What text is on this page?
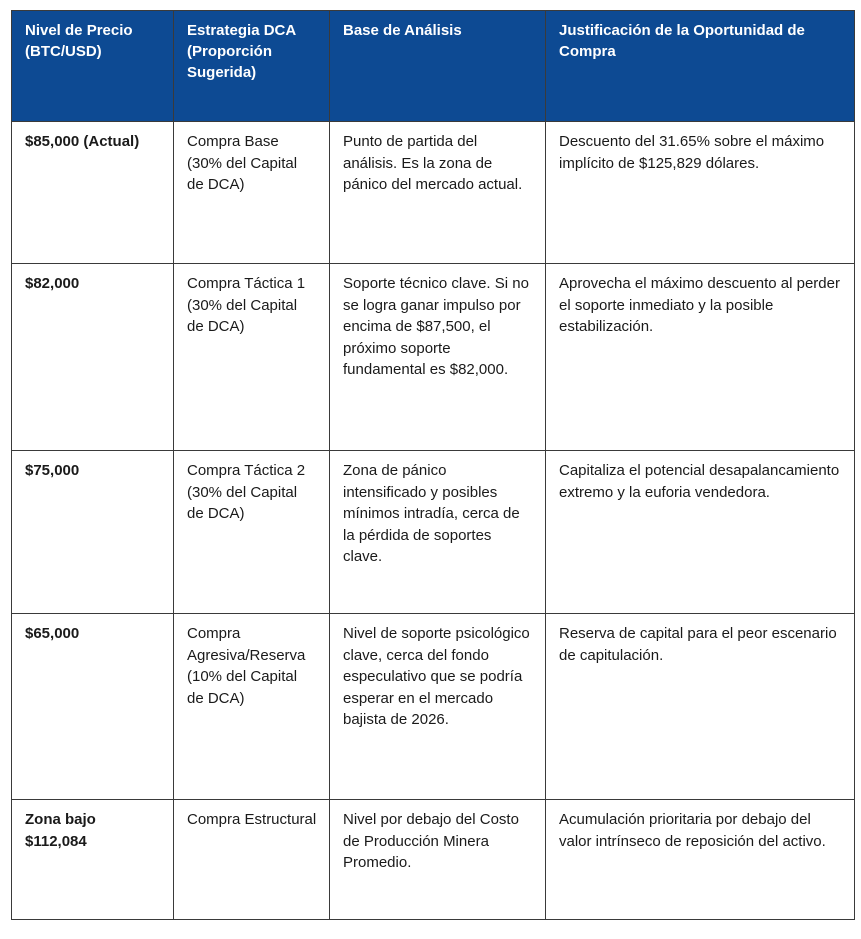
Nivel de Precio (BTC/USD)	Estrategia DCA (Proporción Sugerida)	Base de Análisis	Justificación de la Oportunidad de Compra
$85,000 (Actual)	Compra Base (30% del Capital de DCA)	Punto de partida del análisis. Es la zona de pánico del mercado actual.	Descuento del 31.65% sobre el máximo implícito de $125,829 dólares.
$82,000	Compra Táctica 1 (30% del Capital de DCA)	Soporte técnico clave. Si no se logra ganar impulso por encima de $87,500, el próximo soporte fundamental es $82,000.	Aprovecha el máximo descuento al perder el soporte inmediato y la posible estabilización.
$75,000	Compra Táctica 2 (30% del Capital de DCA)	Zona de pánico intensificado y posibles mínimos intradía, cerca de la pérdida de soportes clave.	Capitaliza el potencial desapalancamiento extremo y la euforia vendedora.
$65,000	Compra Agresiva/Reserva (10% del Capital de DCA)	Nivel de soporte psicológico clave, cerca del fondo especulativo que se podría esperar en el mercado bajista de 2026.	Reserva de capital para el peor escenario de capitulación.
Zona bajo $112,084	Compra Estructural	Nivel por debajo del Costo de Producción Minera Promedio.	Acumulación prioritaria por debajo del valor intrínseco de reposición del activo.
